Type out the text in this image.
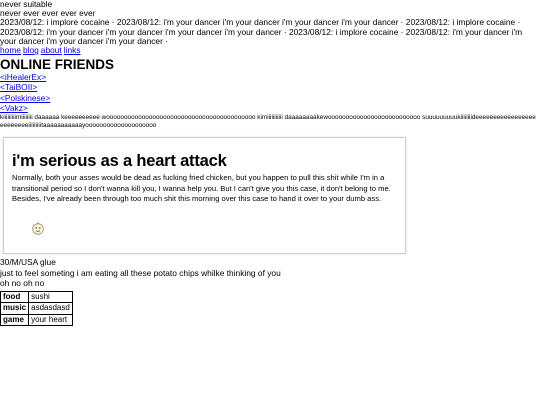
never suitable
never ever ever ever ever
2023/08/12: i implore cocaine · 2023/08/12: i'm your dancer i'm your dancer i'm your dancer i'm your dancer · 2023/08/12: i implore cocaine · 2023/08/12: i'm your dancer i'm your dancer i'm your dancer i'm your dancer · 2023/08/12: i implore cocaine · 2023/08/12: i'm your dancer i'm your dancer i'm your dancer i'm your dancer ·
home blog about links
ONLINE FRIENDS
<iHealerEx>
<TaiBOII>
<Polskinese>
<Vakz>
kiiiiiiiiimiiiiiiii daaaaaa keeeeeeeeee woooooooooooooooooooooooooooooooooooooooooo kimiiiiiiiiiii daaaaaaaakewoooooooooooooooooooooooooo suuuuuuuuukiiiiiiiideeeeeeeeeeeeeeeeeeeeeeeeeiiiiiiiiitaaaaaaaaaaayoooooooooooooooooooo
i'm serious as a heart attack

Normally, both your asses would be dead as fucking fried chicken, but you happen to pull this shit while I'm in a transitional period so I don't wanna kill you, I wanna help you. But I can't give you this case, it don't belong to me. Besides, I've already been through too much shit this morning over this case to hand it over to your dumb ass.

30/M/USA glue
just to feel someting i am eating all these potato chips whilke thinking of you
oh no oh no
food	sushi
music	asdasdasd
game	your heart
